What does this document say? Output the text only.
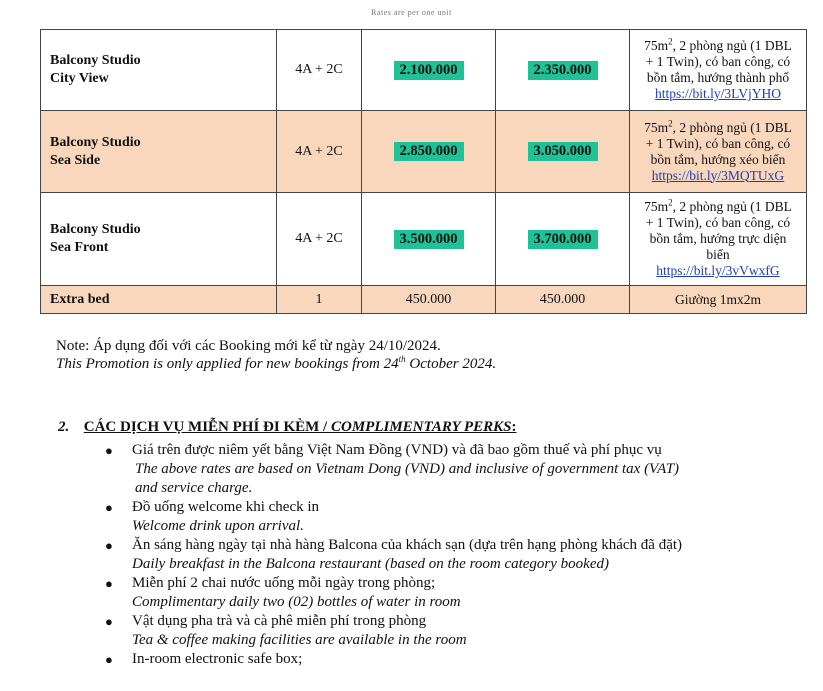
Rates are per one unit
Balcony Studio
City View	4A + 2C	2.100.000	2.350.000	$75m^2$, 2 phòng ngủ (1 DBL
+ 1 Twin), có ban công, có
bồn tắm, hướng thành phố
https://bit.ly/3LVjYHO
Balcony Studio
Sea Side	4A + 2C	2.850.000	3.050.000	$75m^2$, 2 phòng ngủ (1 DBL
+ 1 Twin), có ban công, có
bồn tắm, hướng xéo biển
https://bit.ly/3MQTUxG
Balcony Studio
Sea Front	4A + 2C	3.500.000	3.700.000	$75m^2$, 2 phòng ngủ (1 DBL
+ 1 Twin), có ban công, có
bồn tắm, hướng trực diện
biển
https://bit.ly/3vVwxfG
Extra bed	1	450.000	450.000	Giường 1mx2m
Note: Áp dụng đối với các Booking mới kể từ ngày 24/10/2024.
This Promotion is only applied for new bookings from 24th October 2024.
2. CÁC DỊCH VỤ MIỄN PHÍ ĐI KÈM / COMPLIMENTARY PERKS:
● Giá trên được niêm yết bằng Việt Nam Đồng (VND) và đã bao gồm thuế và phí phục vụ
The above rates are based on Vietnam Dong (VND) and inclusive of government tax (VAT)
and service charge.
● Đồ uống welcome khi check in
Welcome drink upon arrival.
● Ăn sáng hàng ngày tại nhà hàng Balcona của khách sạn (dựa trên hạng phòng khách đã đặt)
Daily breakfast in the Balcona restaurant (based on the room category booked)
● Miễn phí 2 chai nước uống mỗi ngày trong phòng;
Complimentary daily two (02) bottles of water in room
● Vật dụng pha trà và cà phê miễn phí trong phòng
Tea & coffee making facilities are available in the room
● In-room electronic safe box;
